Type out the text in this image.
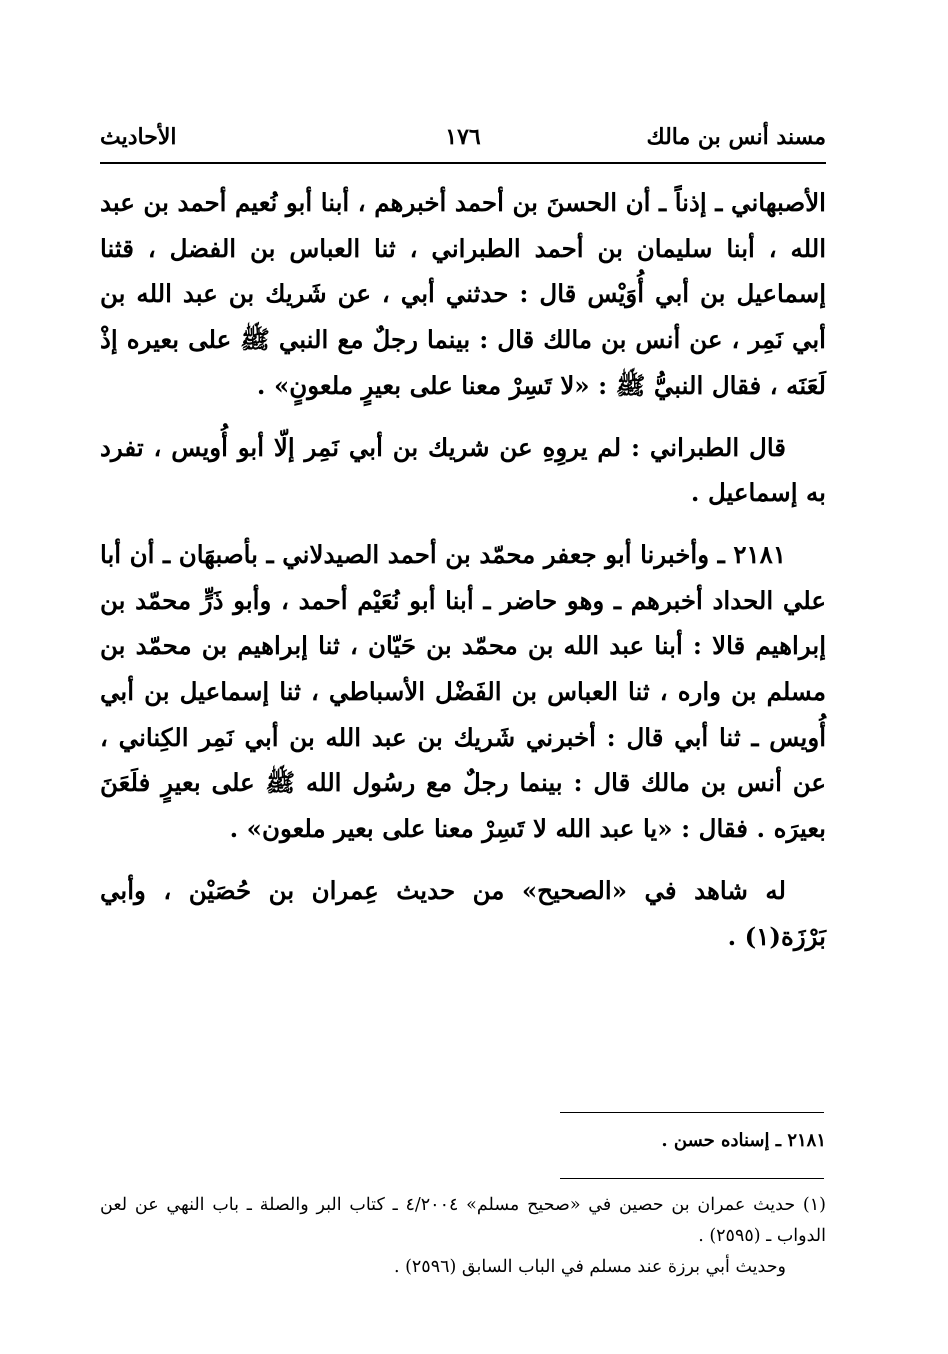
مسند أنس بن مالك
١٧٦
الأحاديث

الأصبهاني ـ إذناً ـ أن الحسنَ بن أحمد أخبرهم ، أبنا أبو نُعيم أحمد بن عبد الله ، أبنا سليمان بن أحمد الطبراني ، ثنا العباس بن الفضل ، قثنا إسماعيل بن أبي أُوَيْس قال : حدثني أبي ، عن شَريك بن عبد الله بن أبي نَمِر ، عن أنس بن مالك قال : بينما رجلٌ مع النبي ﷺ على بعيره إذْ لَعَنَه ، فقال النبيُّ ﷺ : «لا تَسِرْ معنا على بعيرٍ ملعونٍ» .

قال الطبراني : لم يروِهِ عن شريك بن أبي نَمِر إلّا أبو أُويس ، تفرد به إسماعيل .

٢١٨١ ـ وأخبرنا أبو جعفر محمّد بن أحمد الصيدلاني ـ بأصبهَان ـ أن أبا علي الحداد أخبرهم ـ وهو حاضر ـ أبنا أبو نُعَيْم أحمد ، وأبو ذَرٍّ محمّد بن إبراهيم قالا : أبنا عبد الله بن محمّد بن حَيّان ، ثنا إبراهيم بن محمّد بن مسلم بن واره ، ثنا العباس بن الفَضْل الأسباطي ، ثنا إسماعيل بن أبي أُويس ـ ثنا أبي قال : أخبرني شَريك بن عبد الله بن أبي نَمِر الكِناني ، عن أنس بن مالك قال : بينما رجلٌ مع رسُول الله ﷺ على بعيرٍ فلَعَنَ بعيرَه . فقال : «يا عبد الله لا تَسِرْ معنا على بعير ملعون» .

له شاهد في «الصحيح» من حديث عِمران بن حُصَيْن ، وأبي بَرْزَة(١) .

٢١٨١ ـ إسناده حسن .

(١) حديث عمران بن حصين في «صحيح مسلم» ٤/٢٠٠٤ ـ كتاب البر والصلة ـ باب النهي عن لعن الدواب ـ (٢٥٩٥) .

وحديث أبي برزة عند مسلم في الباب السابق (٢٥٩٦) .
